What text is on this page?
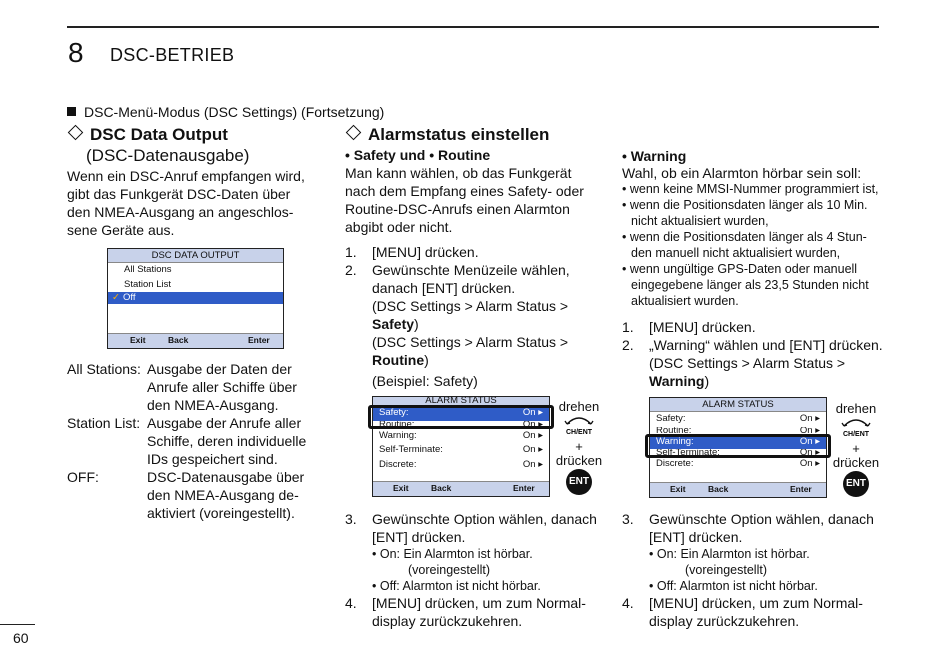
8 DSC-BETRIEB
DSC-Menü-Modus (DSC Settings) (Fortsetzung)
DSC Data Output
(DSC-Datenausgabe)
Wenn ein DSC-Anruf empfangen wird,
gibt das Funkgerät DSC-Daten über
den NMEA-Ausgang an angeschlos-
sene Geräte aus.
DSC DATA OUTPUT
All Stations
Station List
✓ Off
Exit	Back	Enter
All Stations: Ausgabe der Daten der
Anrufe aller Schiffe über
den NMEA-Ausgang.
Station List: Ausgabe der Anrufe aller
Schiffe, deren individuelle
IDs gespeichert sind.
OFF:	DSC-Datenausgabe über
den NMEA-Ausgang de-
aktiviert (voreingestellt).
Alarmstatus einstellen
• Safety und • Routine
Man kann wählen, ob das Funkgerät
nach dem Empfang eines Safety- oder
Routine-DSC-Anrufs einen Alarmton
abgibt oder nicht.
1. [MENU] drücken.
2. Gewünschte Menüzeile wählen,
danach [ENT] drücken.
(DSC Settings > Alarm Status >
Safety)
(DSC Settings > Alarm Status >
Routine)
(Beispiel: Safety)
ALARM STATUS
Safety:	On ▸
Routine:	On ▸
Warning:	On ▸
Self-Terminate:	On ▸
Discrete:	On ▸
Exit	Back	Enter
drehen
CH/ENT
+
drücken
ENT
3. Gewünschte Option wählen, danach
[ENT] drücken.
• On: Ein Alarmton ist hörbar.
(voreingestellt)
• Off: Alarmton ist nicht hörbar.
4. [MENU] drücken, um zum Normal-
display zurückzukehren.
• Warning
Wahl, ob ein Alarmton hörbar sein soll:
• wenn keine MMSI-Nummer programmiert ist,
• wenn die Positionsdaten länger als 10 Min.
nicht aktualisiert wurden,
• wenn die Positionsdaten länger als 4 Stun-
den manuell nicht aktualisiert wurden,
• wenn ungültige GPS-Daten oder manuell
eingegebene länger als 23,5 Stunden nicht
aktualisiert wurden.
1. [MENU] drücken.
2. „Warning“ wählen und [ENT] drücken.
(DSC Settings > Alarm Status >
Warning)
ALARM STATUS
Safety:	On ▸
Routine:	On ▸
Warning:	On ▸
Self-Terminate:	On ▸
Discrete:	On ▸
Exit	Back	Enter
drehen
CH/ENT
+
drücken
ENT
3. Gewünschte Option wählen, danach
[ENT] drücken.
• On: Ein Alarmton ist hörbar.
(voreingestellt)
• Off: Alarmton ist nicht hörbar.
4. [MENU] drücken, um zum Normal-
display zurückzukehren.
60
